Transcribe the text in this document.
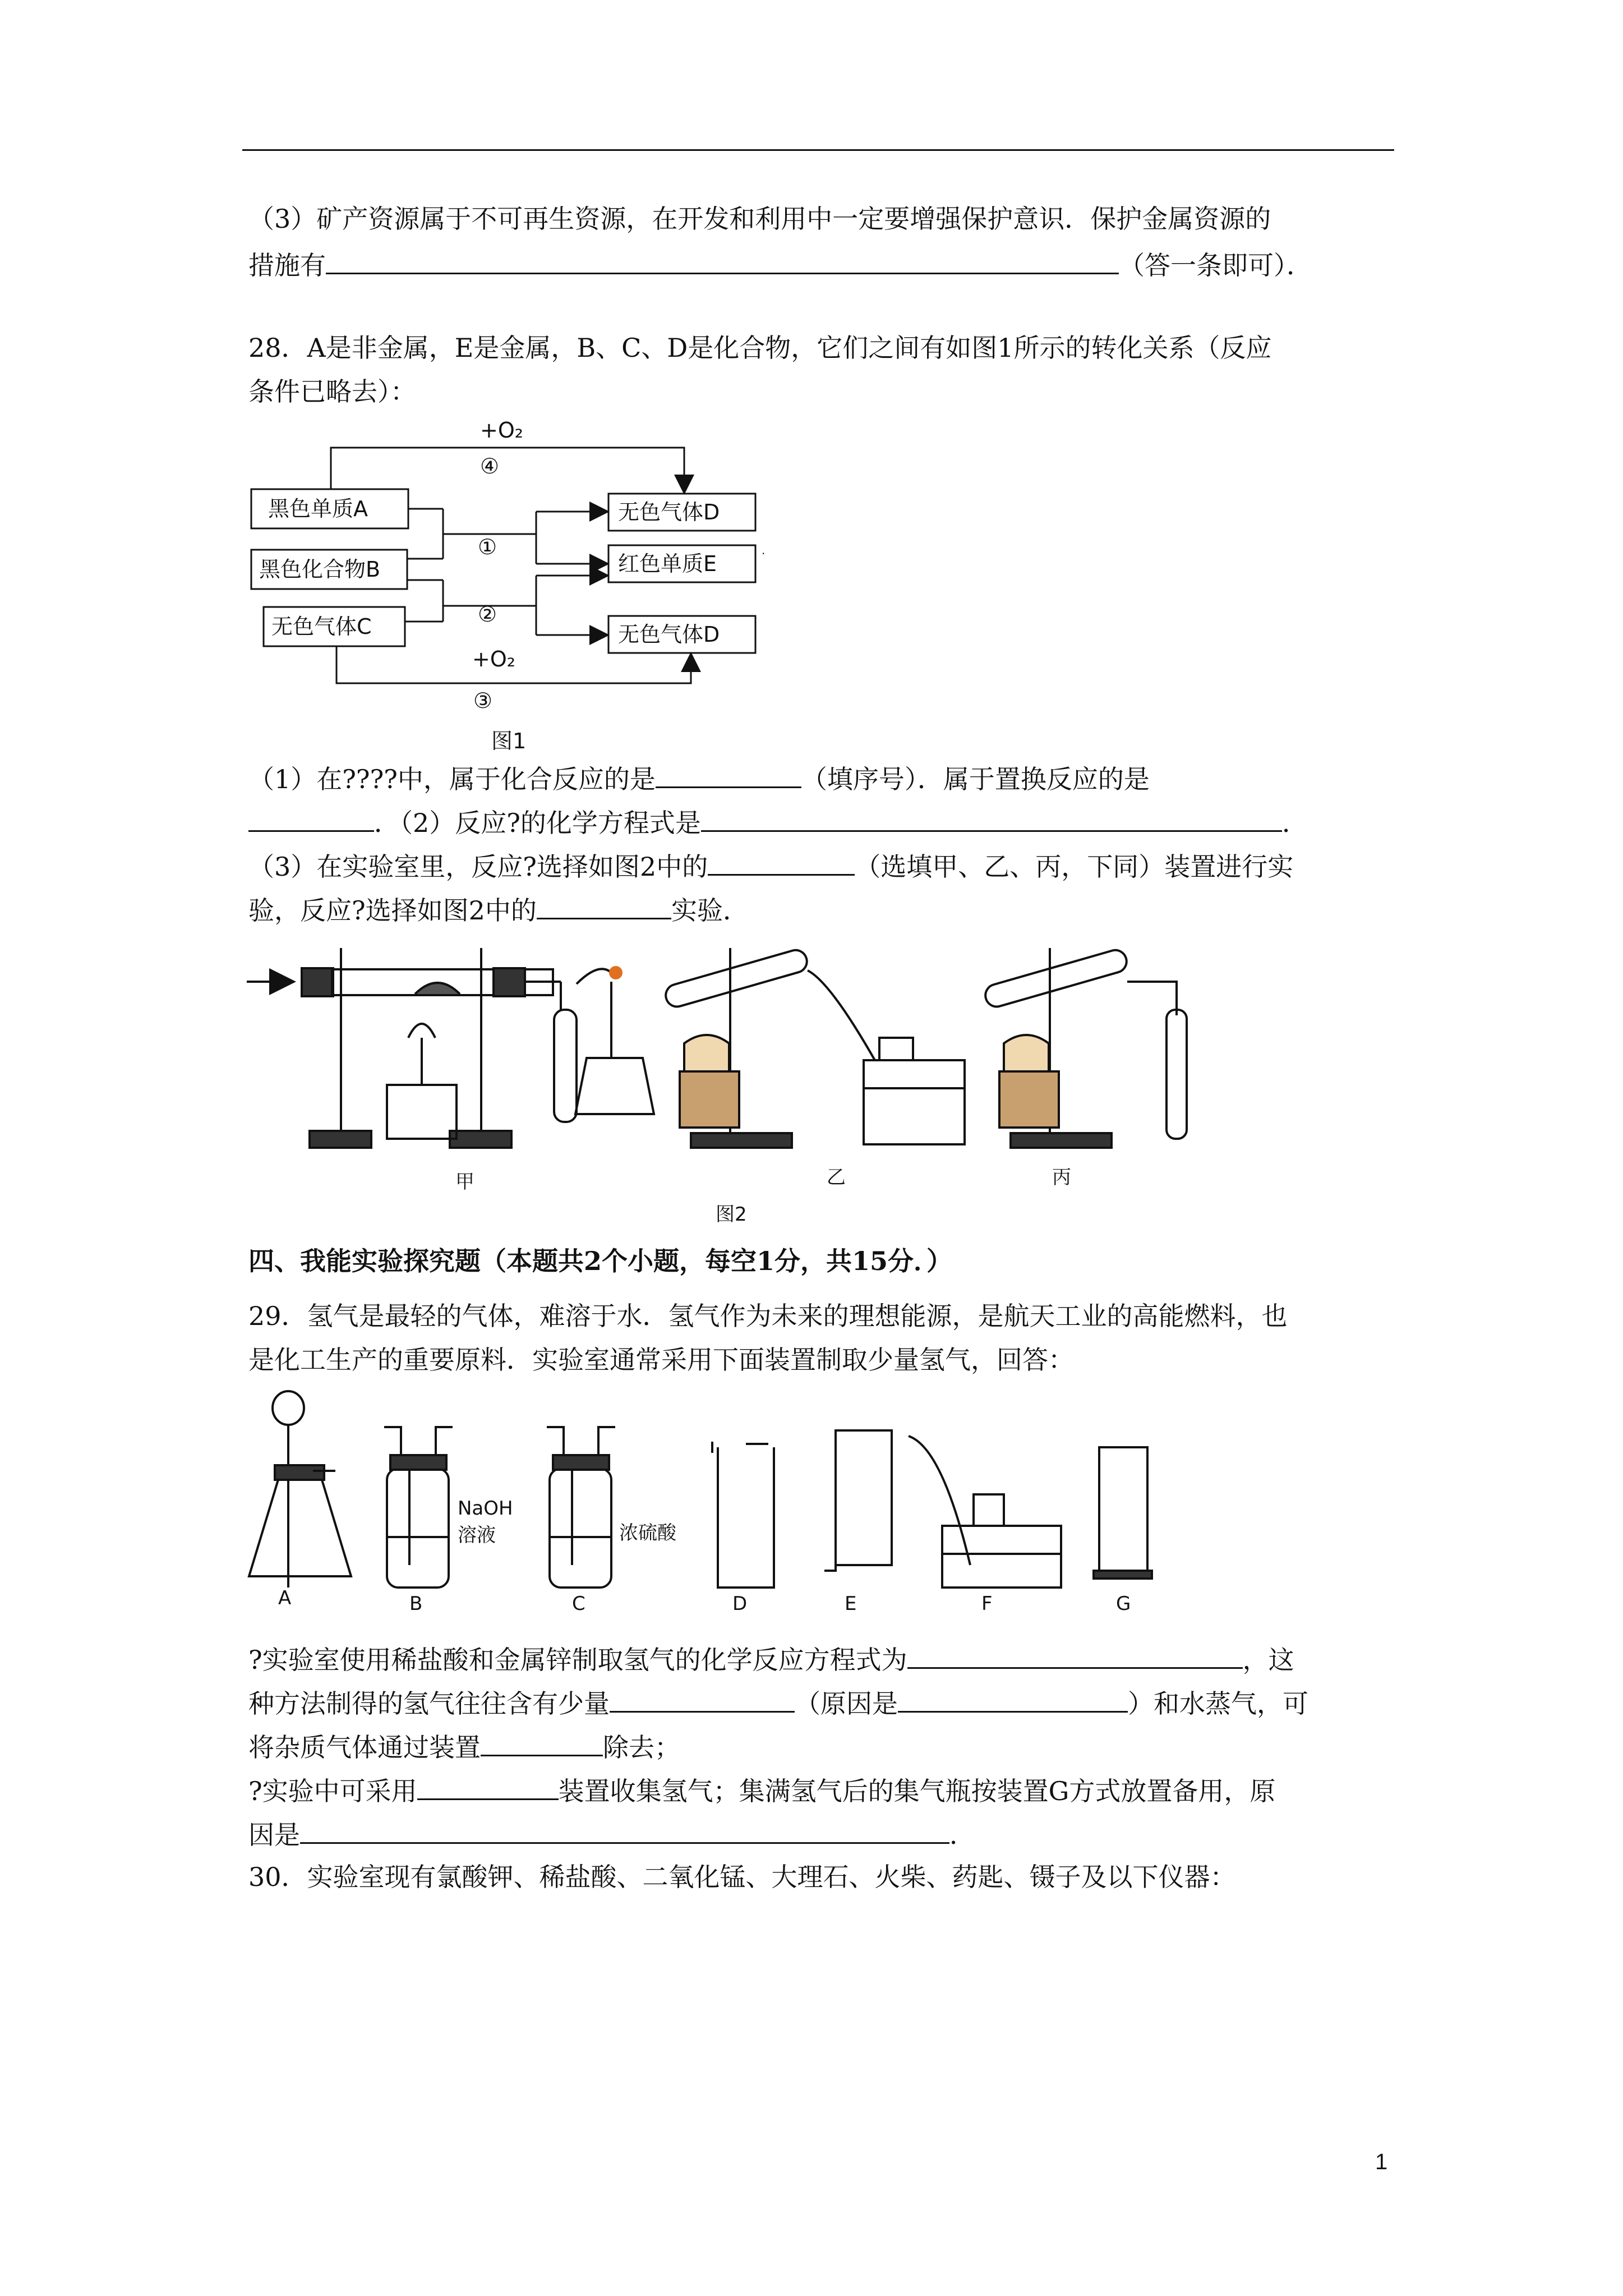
（3）矿产资源属于不可再生资源，在开发和利用中一定要增强保护意识．保护金属资源的
措施有	（答一条即可）．
28．A是非金属，E是金属，B、C、D是化合物，它们之间有如图1所示的转化关系（反应
条件已略去）：
黑色单质A
黑色化合物B
无色气体C
无色气体D
红色单质E
无色气体D
+O₂
④
①
②
+O₂
③
图1
.
（1）在????中，属于化合反应的是	（填序号）．属于置换反应的是
．（2）反应?的化学方程式是	．
（3）在实验室里，反应?选择如图2中的	（选填甲、乙、丙，下同）装置进行实
验，反应?选择如图2中的	实验．
甲	乙	丙
图2
四、我能实验探究题（本题共2个小题，每空1分，共15分．）
29．氢气是最轻的气体，难溶于水．氢气作为未来的理想能源，是航天工业的高能燃料，也
是化工生产的重要原料．实验室通常采用下面装置制取少量氢气，回答：
A	B	C	D	E	F	G
NaOH
溶液	浓硫酸
?实验室使用稀盐酸和金属锌制取氢气的化学反应方程式为	，这
种方法制得的氢气往往含有少量	（原因是	）和水蒸气，可
将杂质气体通过装置	除去；
?实验中可采用	装置收集氢气；集满氢气后的集气瓶按装置G方式放置备用，原
因是	．
30．实验室现有氯酸钾、稀盐酸、二氧化锰、大理石、火柴、药匙、镊子及以下仪器：
1
